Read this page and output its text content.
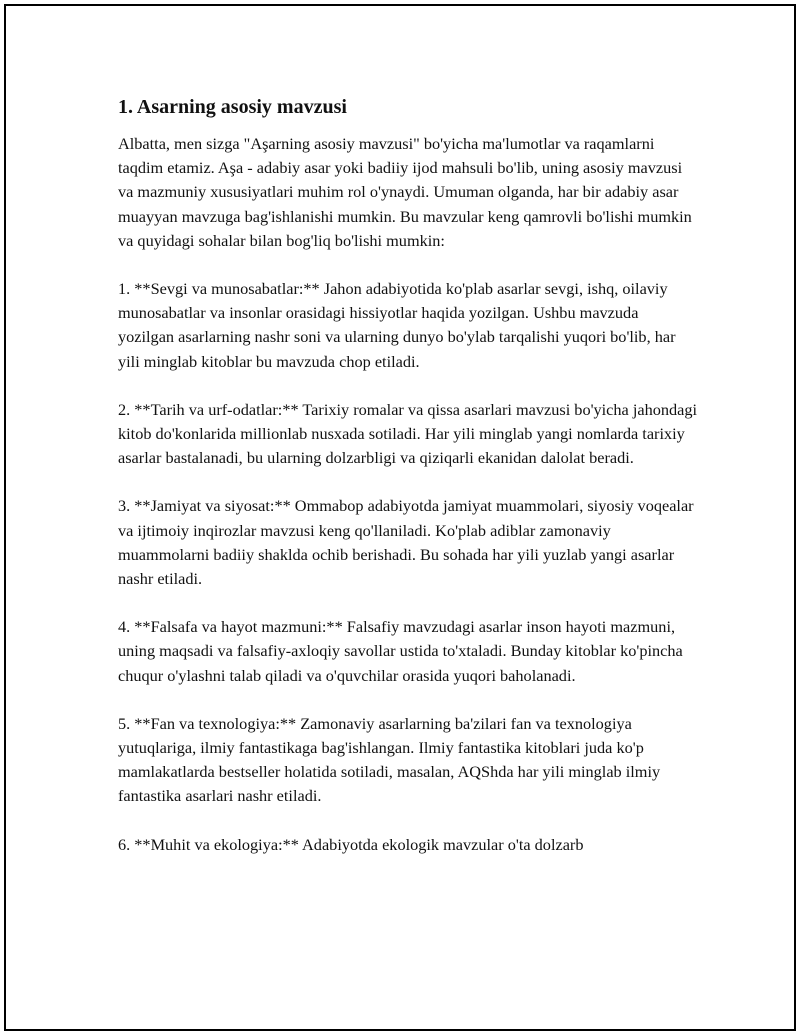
1. Asarning asosiy mavzusi

Albatta, men sizga "Aşarning asosiy mavzusi" bo'yicha ma'lumotlar va raqamlarni taqdim etamiz. Aşa - adabiy asar yoki badiiy ijod mahsuli bo'lib, uning asosiy mavzusi va mazmuniy xususiyatlari muhim rol o'ynaydi. Umuman olganda, har bir adabiy asar muayyan mavzuga bag'ishlanishi mumkin. Bu mavzular keng qamrovli bo'lishi mumkin va quyidagi sohalar bilan bog'liq bo'lishi mumkin:

1. **Sevgi va munosabatlar:** Jahon adabiyotida ko'plab asarlar sevgi, ishq, oilaviy munosabatlar va insonlar orasidagi hissiyotlar haqida yozilgan. Ushbu mavzuda yozilgan asarlarning nashr soni va ularning dunyo bo'ylab tarqalishi yuqori bo'lib, har yili minglab kitoblar bu mavzuda chop etiladi.

2. **Tarih va urf-odatlar:** Tarixiy romalar va qissa asarlari mavzusi bo'yicha jahondagi kitob do'konlarida millionlab nusxada sotiladi. Har yili minglab yangi nomlarda tarixiy asarlar bastalanadi, bu ularning dolzarbligi va qiziqarli ekanidan dalolat beradi.

3. **Jamiyat va siyosat:** Ommabop adabiyotda jamiyat muammolari, siyosiy voqealar va ijtimoiy inqirozlar mavzusi keng qo'llaniladi. Ko'plab adiblar zamonaviy muammolarni badiiy shaklda ochib berishadi. Bu sohada har yili yuzlab yangi asarlar nashr etiladi.

4. **Falsafa va hayot mazmuni:** Falsafiy mavzudagi asarlar inson hayoti mazmuni, uning maqsadi va falsafiy-axloqiy savollar ustida to'xtaladi. Bunday kitoblar ko'pincha chuqur o'ylashni talab qiladi va o'quvchilar orasida yuqori baholanadi.

5. **Fan va texnologiya:** Zamonaviy asarlarning ba'zilari fan va texnologiya yutuqlariga, ilmiy fantastikaga bag'ishlangan. Ilmiy fantastika kitoblari juda ko'p mamlakatlarda bestseller holatida sotiladi, masalan, AQShda har yili minglab ilmiy fantastika asarlari nashr etiladi.

6. **Muhit va ekologiya:** Adabiyotda ekologik mavzular o'ta dolzarb
